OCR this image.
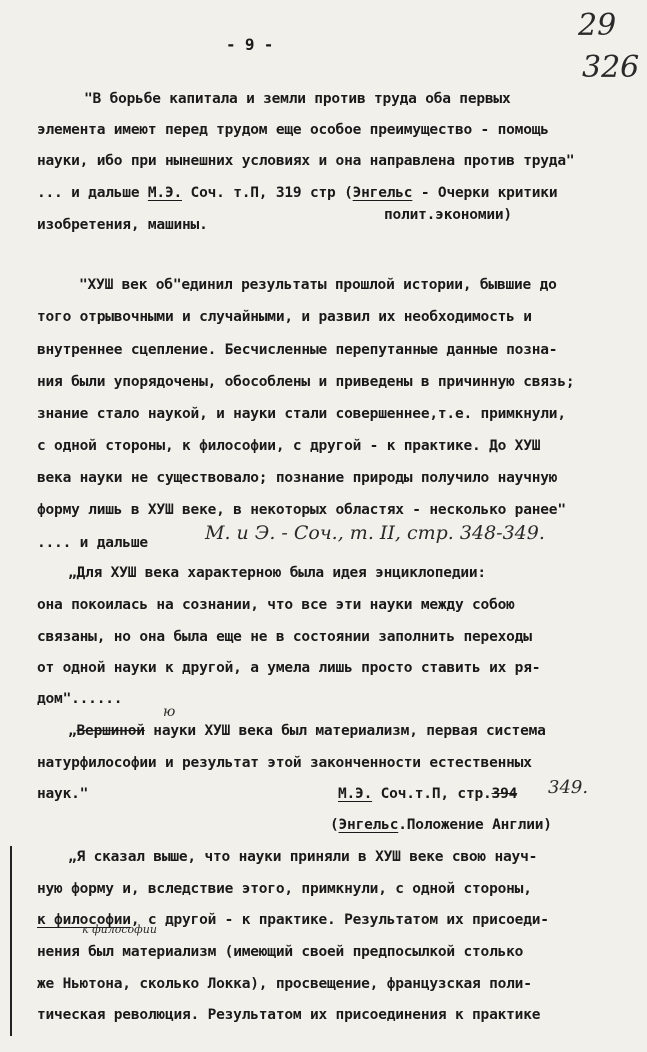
- 9 -
29
326
"В борьбе капитала и земли против труда оба первых
элемента имеют перед трудом еще особое преимущество - помощь
науки, ибо при нынешних условиях и она направлена против труда"
... и дальше М.Э. Соч. т.П, 319 стр (Энгельс - Очерки критики
изобретения, машины.
полит.экономии)
"ХУШ век об"единил результаты прошлой истории, бывшие до
того отрывочными и случайными, и развил их необходимость и
внутреннее сцепление. Бесчисленные перепутанные данные позна-
ния были упорядочены, обособлены и приведены в причинную связь;
знание стало наукой, и науки стали совершеннее,т.е. примкнули,
с одной стороны, к философии, с другой - к практике. До ХУШ
века науки не существовало; познание природы получило научную
форму лишь в ХУШ веке, в некоторых областях - несколько ранее"
.... и дальше	М. и Э. - Соч., т. II, стр. 348-349.
„Для ХУШ века характерною была идея энциклопедии:
она покоилась на сознании, что все эти науки между собою
связаны, но она была еще не в состоянии заполнить переходы
от одной науки к другой, а умела лишь просто ставить их ря-
дом"......
„Вершиной науки ХУШ века был материализм, первая система
ю
натурфилософии и результат этой законченности естественных
наук."	М.Э. Соч.т.П, стр.394 349.
(Энгельс.Положение Англии)
„Я сказал выше, что науки приняли в ХУШ веке свою науч-
ную форму и, вследствие этого, примкнули, с одной стороны,
к философии, с другой - к практике. Результатом их присоеди-
к философии
нения был материализм (имеющий своей предпосылкой столько
же Ньютона, сколько Локка), просвещение, французская поли-
тическая революция. Результатом их присоединения к практике
